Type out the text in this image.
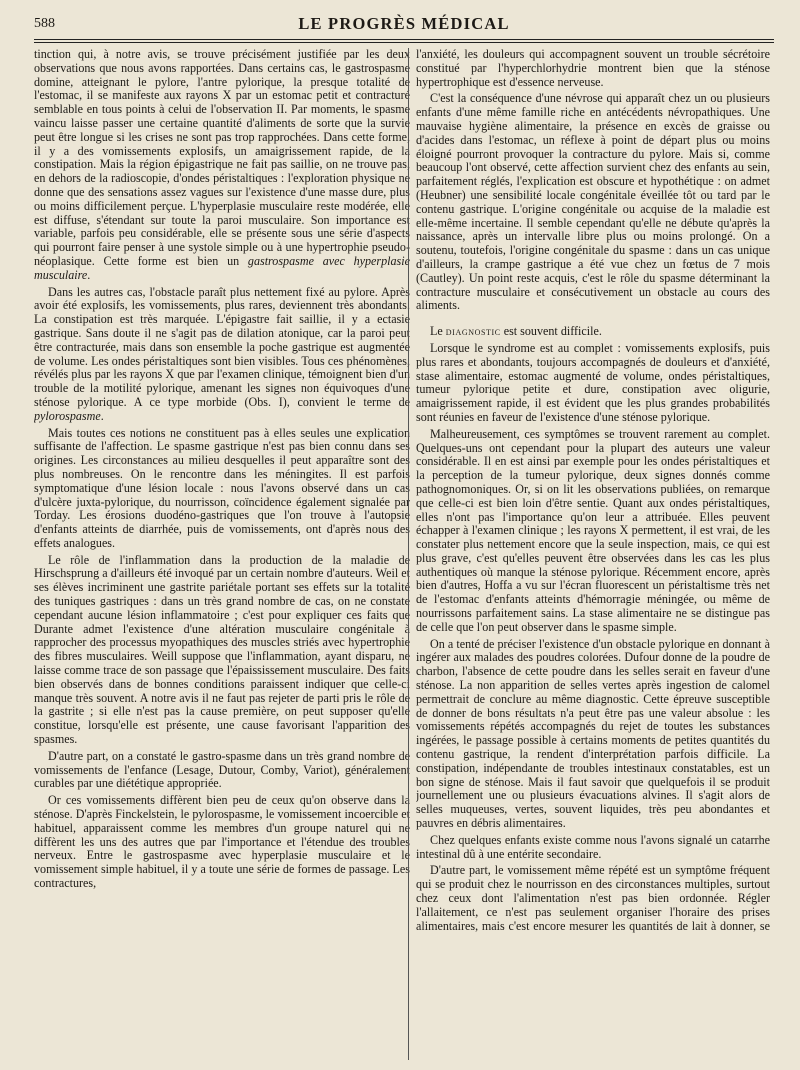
588	LE PROGRÈS MÉDICAL

tinction qui, à notre avis, se trouve précisément justifiée par les deux observations que nous avons rapportées. Dans certains cas, le gastrospasme domine, atteignant le pylore, l'antre pylorique, la presque totalité de l'estomac, il se manifeste aux rayons X par un estomac petit et contracturé semblable en tous points à celui de l'observation II. Par moments, le spasme vaincu laisse passer une certaine quantité d'aliments de sorte que la survie peut être longue si les crises ne sont pas trop rapprochées. Dans cette forme, il y a des vomissements explosifs, un amaigrissement rapide, de la constipation. Mais la région épigastrique ne fait pas saillie, on ne trouve pas, en dehors de la radioscopie, d'ondes péristaltiques : l'exploration physique ne donne que des sensations assez vagues sur l'existence d'une masse dure, plus ou moins difficilement perçue. L'hyperplasie musculaire reste modérée, elle est diffuse, s'étendant sur toute la paroi musculaire. Son importance est variable, parfois peu considérable, elle se présente sous une série d'aspects qui pourront faire penser à une systole simple ou à une hypertrophie pseudo-néoplasique. Cette forme est bien un gastrospasme avec hyperplasie musculaire.

Dans les autres cas, l'obstacle paraît plus nettement fixé au pylore. Après avoir été explosifs, les vomissements, plus rares, deviennent très abondants. La constipation est très marquée. L'épigastre fait saillie, il y a ectasie gastrique. Sans doute il ne s'agit pas de dilation atonique, car la paroi peut être contracturée, mais dans son ensemble la poche gastrique est augmentée de volume. Les ondes péristaltiques sont bien visibles. Tous ces phénomènes, révélés plus par les rayons X que par l'examen clinique, témoignent bien d'un trouble de la motilité pylorique, amenant les signes non équivoques d'une sténose pylorique. A ce type morbide (Obs. I), convient le terme de pylorospasme.

Mais toutes ces notions ne constituent pas à elles seules une explication suffisante de l'affection. Le spasme gastrique n'est pas bien connu dans ses origines. Les circonstances au milieu desquelles il peut apparaître sont des plus nombreuses. On le rencontre dans les méningites. Il est parfois symptomatique d'une lésion locale : nous l'avons observé dans un cas d'ulcère juxta-pylorique, du nourrisson, coïncidence également signalée par Torday. Les érosions duodéno-gastriques que l'on trouve à l'autopsie d'enfants atteints de diarrhée, puis de vomissements, ont d'après nous des effets analogues.

Le rôle de l'inflammation dans la production de la maladie de Hirschsprung a d'ailleurs été invoqué par un certain nombre d'auteurs. Weil et ses élèves incriminent une gastrite pariétale portant ses effets sur la totalité des tuniques gastriques : dans un très grand nombre de cas, on ne constate cependant aucune lésion inflammatoire ; c'est pour expliquer ces faits que Durante admet l'existence d'une altération musculaire congénitale à rapprocher des processus myopathiques des muscles striés avec hypertrophie des fibres musculaires. Weill suppose que l'inflammation, ayant disparu, ne laisse comme trace de son passage que l'épaississement musculaire. Des faits bien observés dans de bonnes conditions paraissent indiquer que celle-ci manque très souvent. A notre avis il ne faut pas rejeter de parti pris le rôle de la gastrite ; si elle n'est pas la cause première, on peut supposer qu'elle constitue, lorsqu'elle est présente, une cause favorisant l'apparition des spasmes.

D'autre part, on a constaté le gastro-spasme dans un très grand nombre de vomissements de l'enfance (Lesage, Dutour, Comby, Variot), généralement curables par une diététique appropriée.

Or ces vomissements diffèrent bien peu de ceux qu'on observe dans la sténose. D'après Finckelstein, le pylorospasme, le vomissement incoercible et habituel, apparaissent comme les membres d'un groupe naturel qui ne diffèrent les uns des autres que par l'importance et l'étendue des troubles nerveux. Entre le gastrospasme avec hyperplasie musculaire et le vomissement simple habituel, il y a toute une série de formes de passage. Les contractures,

l'anxiété, les douleurs qui accompagnent souvent un trouble sécrétoire constitué par l'hyperchlorhydrie montrent bien que la sténose hypertrophique est d'essence nerveuse.

C'est la conséquence d'une névrose qui apparaît chez un ou plusieurs enfants d'une même famille riche en antécédents névropathiques. Une mauvaise hygiène alimentaire, la présence en excès de graisse ou d'acides dans l'estomac, un réflexe à point de départ plus ou moins éloigné pourront provoquer la contracture du pylore. Mais si, comme beaucoup l'ont observé, cette affection survient chez des enfants au sein, parfaitement réglés, l'explication est obscure et hypothétique : on admet (Heubner) une sensibilité locale congénitale éveillée tôt ou tard par le contenu gastrique. L'origine congénitale ou acquise de la maladie est elle-même incertaine. Il semble cependant qu'elle ne débute qu'après la naissance, après un intervalle libre plus ou moins prolongé. On a soutenu, toutefois, l'origine congénitale du spasme : dans un cas unique d'ailleurs, la crampe gastrique a été vue chez un fœtus de 7 mois (Cautley). Un point reste acquis, c'est le rôle du spasme déterminant la contracture musculaire et consécutivement un obstacle au cours des aliments.

Le diagnostic est souvent difficile.

Lorsque le syndrome est au complet : vomissements explosifs, puis plus rares et abondants, toujours accompagnés de douleurs et d'anxiété, stase alimentaire, estomac augmenté de volume, ondes péristaltiques, tumeur pylorique petite et dure, constipation avec oligurie, amaigrissement rapide, il est évident que les plus grandes probabilités sont réunies en faveur de l'existence d'une sténose pylorique.

Malheureusement, ces symptômes se trouvent rarement au complet. Quelques-uns ont cependant pour la plupart des auteurs une valeur considérable. Il en est ainsi par exemple pour les ondes péristaltiques et la perception de la tumeur pylorique, deux signes donnés comme pathognomoniques. Or, si on lit les observations publiées, on remarque que celle-ci est bien loin d'être sentie. Quant aux ondes péristaltiques, elles n'ont pas l'importance qu'on leur a attribuée. Elles peuvent échapper à l'examen clinique ; les rayons X permettent, il est vrai, de les constater plus nettement encore que la seule inspection, mais, ce qui est plus grave, c'est qu'elles peuvent être observées dans les cas les plus authentiques où manque la sténose pylorique. Récemment encore, après bien d'autres, Hoffa a vu sur l'écran fluorescent un péristaltisme très net de l'estomac d'enfants atteints d'hémorragie méningée, ou même de nourrissons parfaitement sains. La stase alimentaire ne se distingue pas de celle que l'on peut observer dans le spasme simple.

On a tenté de préciser l'existence d'un obstacle pylorique en donnant à ingérer aux malades des poudres colorées. Dufour donne de la poudre de charbon, l'absence de cette poudre dans les selles serait en faveur d'une sténose. La non apparition de selles vertes après ingestion de calomel permettrait de conclure au même diagnostic. Cette épreuve susceptible de donner de bons résultats n'a peut être pas une valeur absolue : les vomissements répétés accompagnés du rejet de toutes les substances ingérées, le passage possible à certains moments de petites quantités du contenu gastrique, la rendent d'interprétation parfois difficile. La constipation, indépendante de troubles intestinaux constatables, est un bon signe de sténose. Mais il faut savoir que quelquefois il se produit journellement une ou plusieurs évacuations alvines. Il s'agit alors de selles muqueuses, vertes, souvent liquides, très peu abondantes et pauvres en débris alimentaires.

Chez quelques enfants existe comme nous l'avons signalé un catarrhe intestinal dû à une entérite secondaire.

D'autre part, le vomissement même répété est un symptôme fréquent qui se produit chez le nourrisson en des circonstances multiples, surtout chez ceux dont l'alimentation n'est pas bien ordonnée. Régler l'allaitement, ce n'est pas seulement organiser l'horaire des prises alimentaires, mais c'est encore mesurer les quantités de lait à donner, se
